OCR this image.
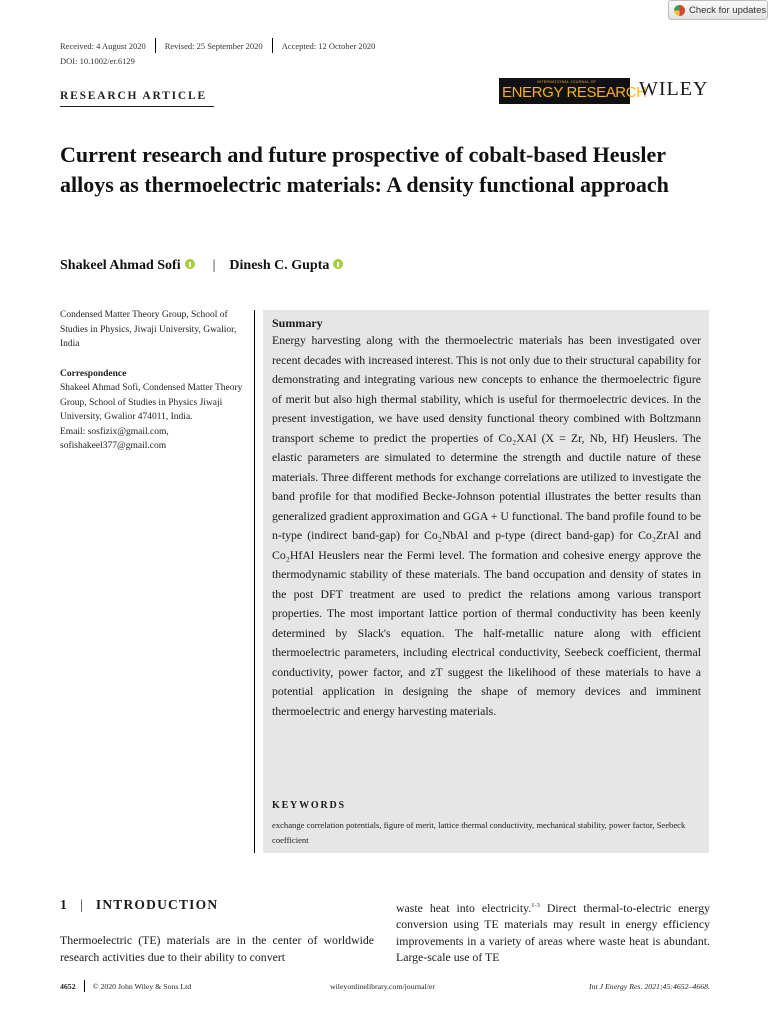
Check for updates
Received: 4 August 2020 Revised: 25 September 2020 Accepted: 12 October 2020
DOI: 10.1002/er.6129
RESEARCH ARTICLE
INTERNATIONAL JOURNAL OF
ENERGY RESEARCH
WILEY
Current research and future prospective of cobalt-based Heusler alloys as thermoelectric materials: A density functional approach
Shakeel Ahmad Sofi | Dinesh C. Gupta
Condensed Matter Theory Group, School of Studies in Physics, Jiwaji University, Gwalior, India
Correspondence
Shakeel Ahmad Sofi, Condensed Matter Theory Group, School of Studies in Physics Jiwaji University, Gwalior 474011, India.
Email: sosfizix@gmail.com,
sofishakeel377@gmail.com
Summary
Energy harvesting along with the thermoelectric materials has been investigated over recent decades with increased interest. This is not only due to their structural capability for demonstrating and integrating various new concepts to enhance the thermoelectric figure of merit but also high thermal stability, which is useful for thermoelectric devices. In the present investigation, we have used density functional theory combined with Boltzmann transport scheme to predict the properties of Co₂XAl (X = Zr, Nb, Hf) Heuslers. The elastic parameters are simulated to determine the strength and ductile nature of these materials. Three different methods for exchange correlations are utilized to investigate the band profile for that modified Becke-Johnson potential illustrates the better results than generalized gradient approximation and GGA + U functional. The band profile found to be n-type (indirect band-gap) for Co₂NbAl and p-type (direct band-gap) for Co₂ZrAl and Co₂HfAl Heuslers near the Fermi level. The formation and cohesive energy approve the thermodynamic stability of these materials. The band occupation and density of states in the post DFT treatment are used to predict the relations among various transport properties. The most important lattice portion of thermal conductivity has been keenly determined by Slack's equation. The half-metallic nature along with efficient thermoelectric parameters, including electrical conductivity, Seebeck coefficient, thermal conductivity, power factor, and zT suggest the likelihood of these materials to have a potential application in designing the shape of memory devices and imminent thermoelectric and energy harvesting materials.
KEYWORDS
exchange correlation potentials, figure of merit, lattice thermal conductivity, mechanical stability, power factor, Seebeck coefficient
1 | INTRODUCTION
Thermoelectric (TE) materials are in the center of worldwide research activities due to their ability to convert
waste heat into electricity.$^{1-3}$ Direct thermal-to-electric energy conversion using TE materials may result in energy efficiency improvements in a variety of areas where waste heat is abundant. Large-scale use of TE
4652 © 2020 John Wiley & Sons Ltd	wileyonlinelibrary.com/journal/er	Int J Energy Res. 2021;45:4652–4668.
